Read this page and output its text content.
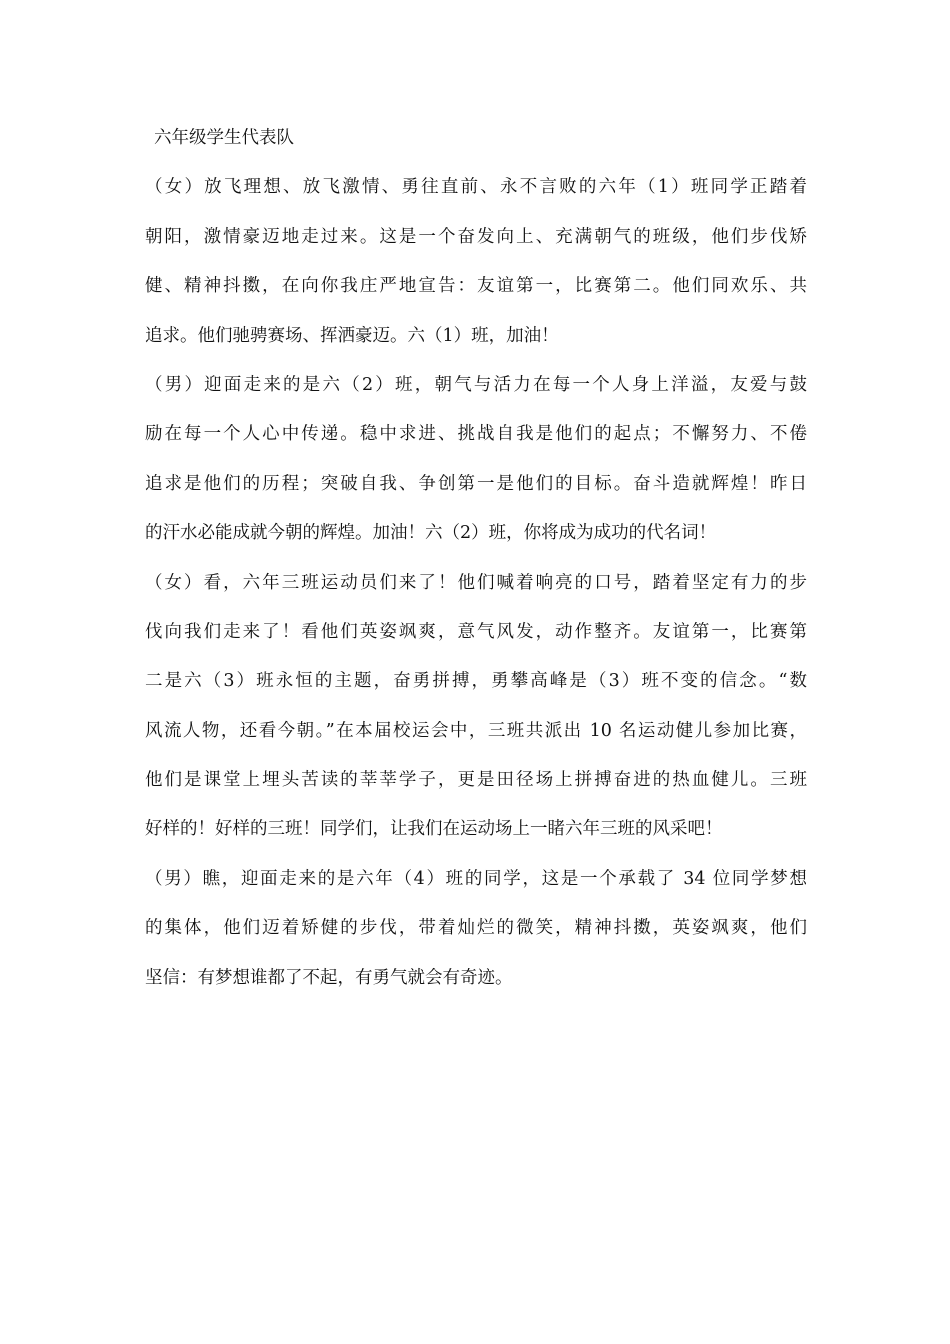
六年级学生代表队
（女）放飞理想、放飞激情、勇往直前、永不言败的六年（1）班同学正踏着
朝阳，激情豪迈地走过来。这是一个奋发向上、充满朝气的班级，他们步伐矫
健、精神抖擞，在向你我庄严地宣告：友谊第一，比赛第二。他们同欢乐、共
追求。他们驰骋赛场、挥洒豪迈。六（1）班，加油！
（男）迎面走来的是六（2）班，朝气与活力在每一个人身上洋溢，友爱与鼓
励在每一个人心中传递。稳中求进、挑战自我是他们的起点；不懈努力、不倦
追求是他们的历程；突破自我、争创第一是他们的目标。奋斗造就辉煌！昨日
的汗水必能成就今朝的辉煌。加油！六（2）班，你将成为成功的代名词！
（女）看，六年三班运动员们来了！他们喊着响亮的口号，踏着坚定有力的步
伐向我们走来了！看他们英姿飒爽，意气风发，动作整齐。友谊第一，比赛第
二是六（3）班永恒的主题，奋勇拼搏，勇攀高峰是（3）班不变的信念。“数
风流人物，还看今朝。”在本届校运会中，三班共派出 10 名运动健儿参加比赛，
他们是课堂上埋头苦读的莘莘学子，更是田径场上拼搏奋进的热血健儿。三班
好样的！好样的三班！同学们，让我们在运动场上一睹六年三班的风采吧！
（男）瞧，迎面走来的是六年（4）班的同学，这是一个承载了 34 位同学梦想
的集体，他们迈着矫健的步伐，带着灿烂的微笑，精神抖擞，英姿飒爽，他们
坚信：有梦想谁都了不起，有勇气就会有奇迹。
